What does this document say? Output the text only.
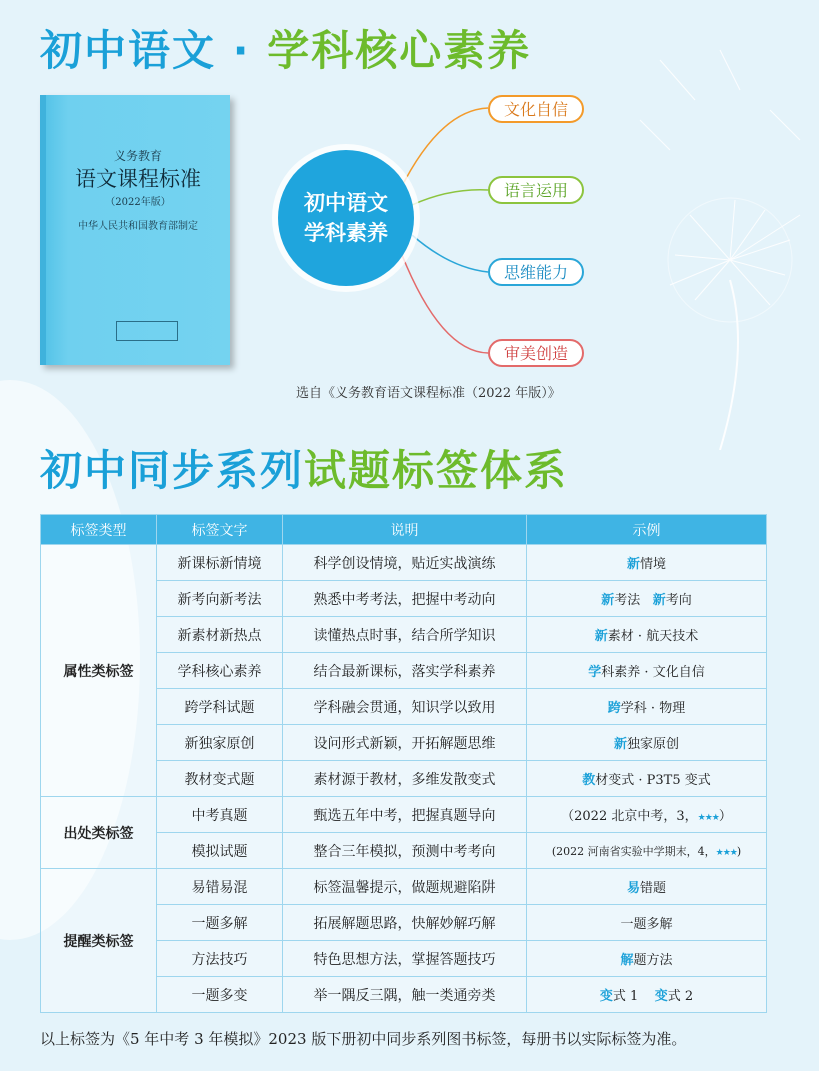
初中语文 · 学科核心素养
义务教育
语文课程标准
（2022年版）
中华人民共和国教育部制定
初中语文
学科素养
文化自信
语言运用
思维能力
审美创造
选自《义务教育语文课程标准（2022 年版）》
初中同步系列试题标签体系
标签类型	标签文字	说明	示例
属性类标签	新课标新情境	科学创设情境，贴近实战演练	新情境
	新考向新考法	熟悉中考考法，把握中考动向	新考法 新考向
	新素材新热点	读懂热点时事，结合所学知识	新素材 · 航天技术
	学科核心素养	结合最新课标，落实学科素养	学科素养 · 文化自信
	跨学科试题	学科融会贯通，知识学以致用	跨学科 · 物理
	新独家原创	设问形式新颖，开拓解题思维	新独家原创
	教材变式题	素材源于教材，多维发散变式	教材变式 · P3T5 变式
出处类标签	中考真题	甄选五年中考，把握真题导向	（2022 北京中考，3，★★★）
	模拟试题	整合三年模拟，预测中考考向	(2022 河南省实验中学期末，4，★★★)
提醒类标签	易错易混	标签温馨提示，做题规避陷阱	易错题
	一题多解	拓展解题思路，快解妙解巧解	一题多解
	方法技巧	特色思想方法，掌握答题技巧	解题方法
	一题多变	举一隅反三隅，触一类通旁类	变式 1 变式 2
以上标签为《5 年中考 3 年模拟》2023 版下册初中同步系列图书标签，每册书以实际标签为准。
